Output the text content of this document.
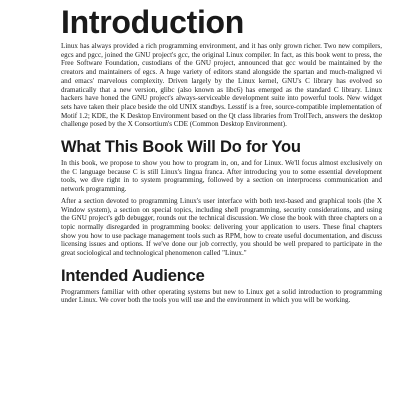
Introduction

Linux has always provided a rich programming environment, and it has only grown richer. Two new compilers, egcs and pgcc, joined the GNU project's gcc, the original Linux compiler. In fact, as this book went to press, the Free Software Foundation, custodians of the GNU project, announced that gcc would be maintained by the creators and maintainers of egcs. A huge variety of editors stand alongside the spartan and much-maligned vi and emacs' marvelous complexity. Driven largely by the Linux kernel, GNU's C library has evolved so dramatically that a new version, glibc (also known as libc6) has emerged as the standard C library. Linux hackers have honed the GNU project's always-serviceable development suite into powerful tools. New widget sets have taken their place beside the old UNIX standbys. Lesstif is a free, source-compatible implementation of Motif 1.2; KDE, the K Desktop Environment based on the Qt class libraries from TrollTech, answers the desktop challenge posed by the X Consortium's CDE (Common Desktop Environment).

What This Book Will Do for You

In this book, we propose to show you how to program in, on, and for Linux. We'll focus almost exclusively on the C language because C is still Linux's lingua franca. After introducing you to some essential development tools, we dive right in to system programming, followed by a section on interprocess communication and network programming.

After a section devoted to programming Linux's user interface with both text-based and graphical tools (the X Window system), a section on special topics, including shell programming, security considerations, and using the GNU project's gdb debugger, rounds out the technical discussion. We close the book with three chapters on a topic normally disregarded in programming books: delivering your application to users. These final chapters show you how to use package management tools such as RPM, how to create useful documentation, and discuss licensing issues and options. If we've done our job correctly, you should be well prepared to participate in the great sociological and technological phenomenon called "Linux."

Intended Audience

Programmers familiar with other operating systems but new to Linux get a solid introduction to programming under Linux. We cover both the tools you will use and the environment in which you will be working.
